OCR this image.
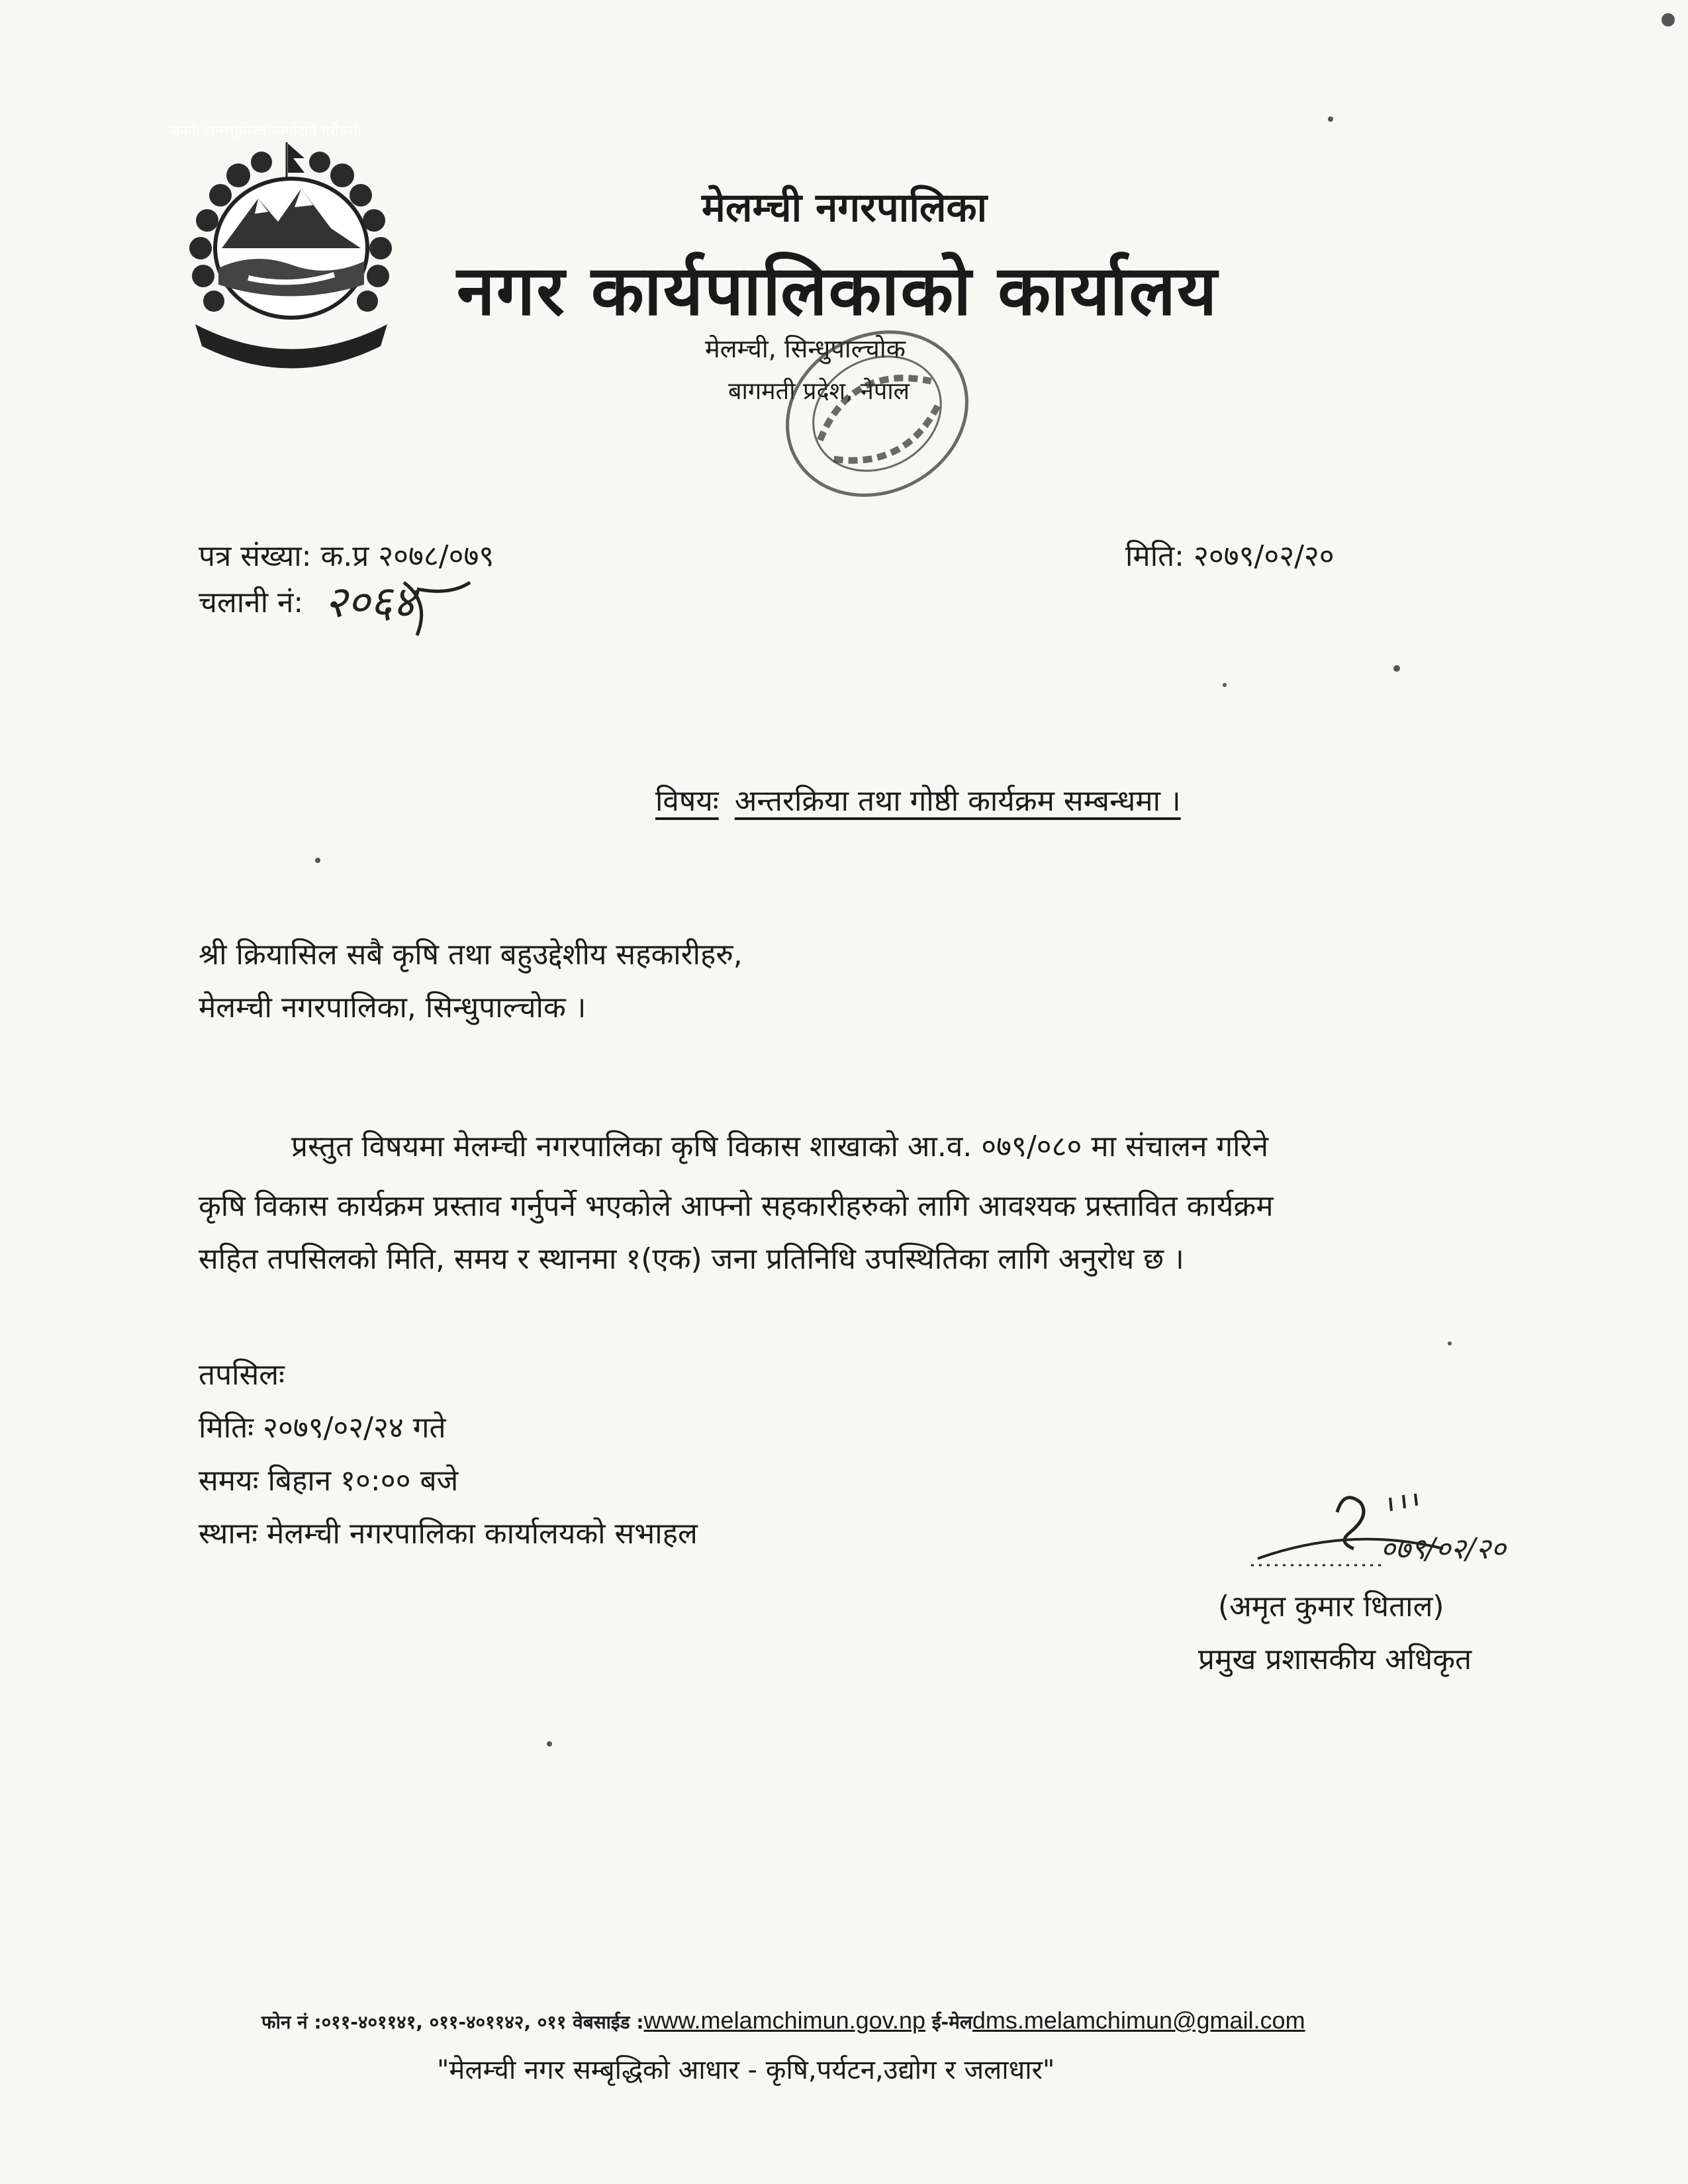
जननी जन्मभूमिश्च स्वर्गादपि गरीयसी
मेलम्ची नगरपालिका
नगर कार्यपालिकाको कार्यालय
मेलम्ची, सिन्धुपाल्चोक
बागमती प्रदेश, नेपाल
पत्र संख्या: क.प्र २०७८/०७९
चलानी नं: २०६४
मिति: २०७९/०२/२०
विषयः अन्तरक्रिया तथा गोष्ठी कार्यक्रम सम्बन्धमा ।
श्री क्रियासिल सबै कृषि तथा बहुउद्देशीय सहकारीहरु,
मेलम्ची नगरपालिका, सिन्धुपाल्चोक ।
प्रस्तुत विषयमा मेलम्ची नगरपालिका कृषि विकास शाखाको आ.व. ०७९/०८० मा संचालन गरिने
कृषि विकास कार्यक्रम प्रस्ताव गर्नुपर्ने भएकोले आफ्नो सहकारीहरुको लागि आवश्यक प्रस्तावित कार्यक्रम
सहित तपसिलको मिति, समय र स्थानमा १(एक) जना प्रतिनिधि उपस्थितिका लागि अनुरोध छ ।
तपसिलः
मितिः २०७९/०२/२४ गते
समयः बिहान १०:०० बजे
स्थानः मेलम्ची नगरपालिका कार्यालयको सभाहल	०७९/०२/२०
(अमृत कुमार धिताल)
प्रमुख प्रशासकीय अधिकृत
फोन नं :०११-४०११४१, ०११-४०११४२, ०११ वेबसाईड :www.melamchimun.gov.np ई-मेलdms.melamchimun@gmail.com
"मेलम्ची नगर सम्बृद्धिको आधार - कृषि,पर्यटन,उद्योग र जलाधार"
